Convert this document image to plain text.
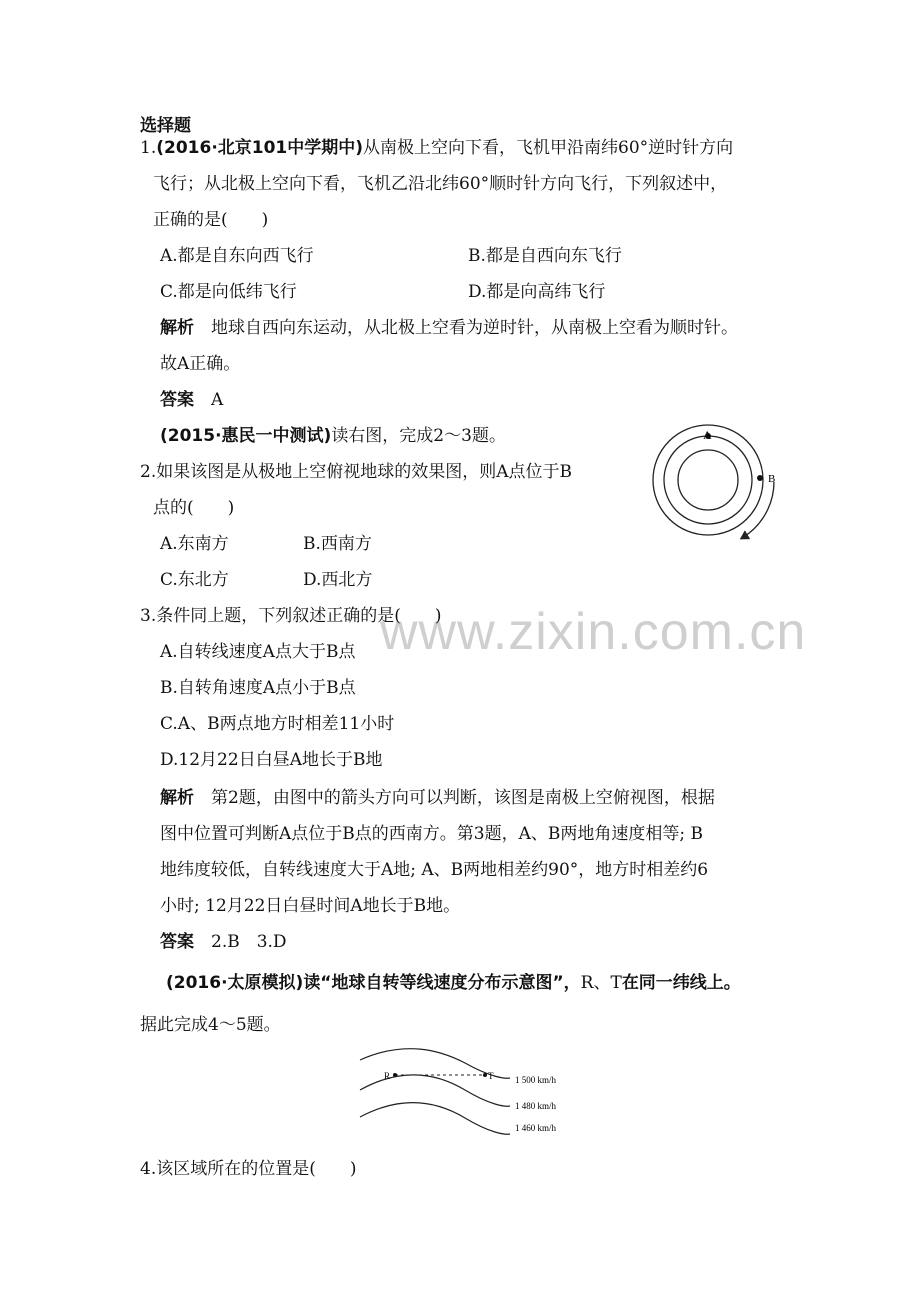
www.zixin.com.cn
选择题
1.(2016·北京101中学期中)从南极上空向下看，飞机甲沿南纬60°逆时针方向
飞行；从北极上空向下看，飞机乙沿北纬60°顺时针方向飞行，下列叙述中，
正确的是(　　)
A.都是自东向西飞行	B.都是自西向东飞行
C.都是向低纬飞行	D.都是向高纬飞行
解析 地球自西向东运动，从北极上空看为逆时针，从南极上空看为顺时针。
故A正确。
答案 A
(2015·惠民一中测试)读右图，完成2～3题。	A
B
2.如果该图是从极地上空俯视地球的效果图，则A点位于B
点的(　　)
A.东南方	B.西南方
C.东北方	D.西北方
3.条件同上题，下列叙述正确的是(　　)
A.自转线速度A点大于B点
B.自转角速度A点小于B点
C.A、B两点地方时相差11小时
D.12月22日白昼A地长于B地
解析 第2题，由图中的箭头方向可以判断，该图是南极上空俯视图，根据
图中位置可判断A点位于B点的西南方。第3题，A、B两地角速度相等; B
地纬度较低，自转线速度大于A地; A、B两地相差约90°，地方时相差约6
小时; 12月22日白昼时间A地长于B地。
答案 2.B　3.D
(2016·太原模拟)读“地球自转等线速度分布示意图”，R、T在同一纬线上。
据此完成4～5题。
R	T 1 500 km/h
1 480 km/h
1 460 km/h
4.该区域所在的位置是(　　)
